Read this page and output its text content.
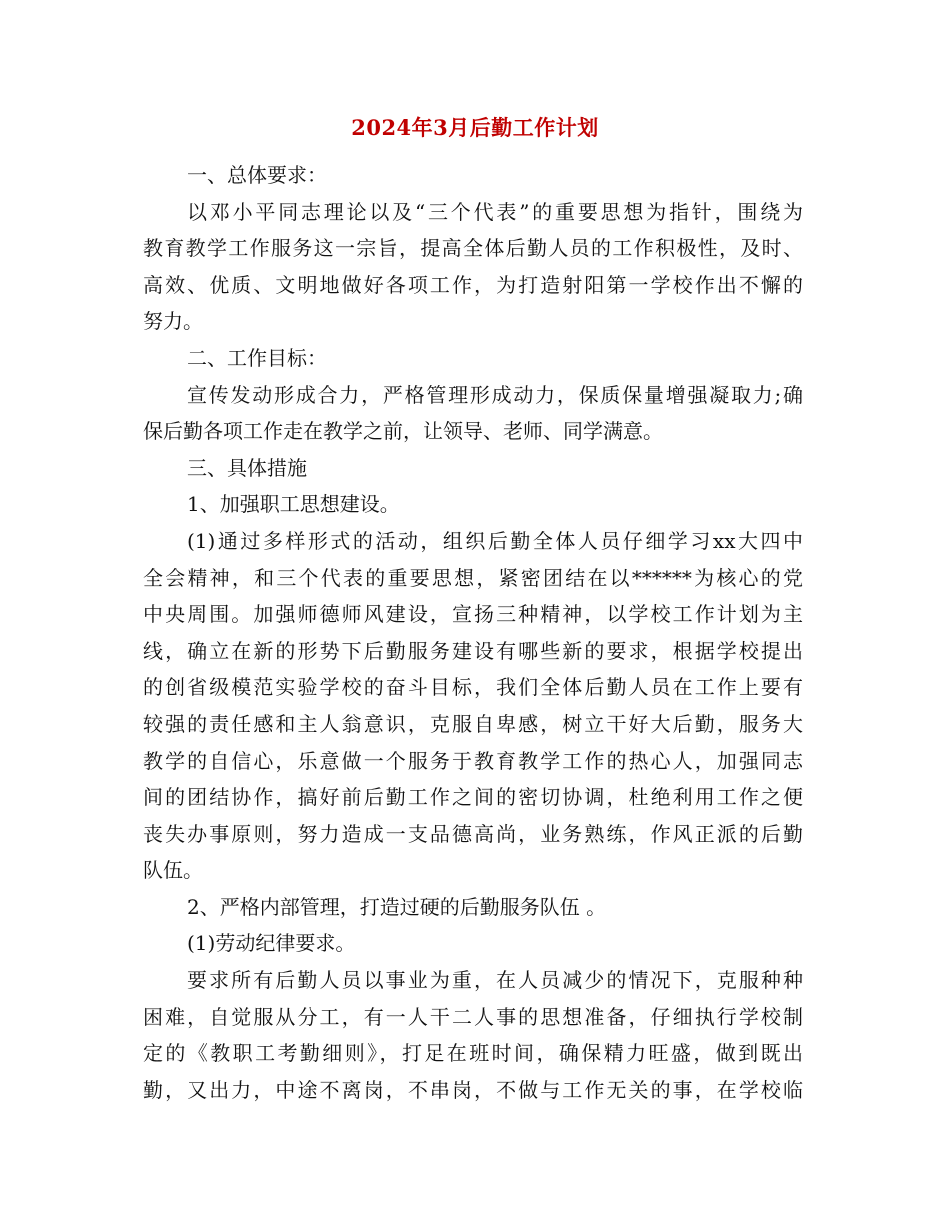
2024年3月后勤工作计划
一、总体要求：
以邓小平同志理论以及“三个代表”的重要思想为指针，围绕为
教育教学工作服务这一宗旨，提高全体后勤人员的工作积极性，及时、
高效、优质、文明地做好各项工作，为打造射阳第一学校作出不懈的
努力。
二、工作目标：
宣传发动形成合力，严格管理形成动力，保质保量增强凝取力;确
保后勤各项工作走在教学之前，让领导、老师、同学满意。
三、具体措施
1、加强职工思想建设。
(1)通过多样形式的活动，组织后勤全体人员仔细学习xx大四中
全会精神，和三个代表的重要思想，紧密团结在以******为核心的党
中央周围。加强师德师风建设，宣扬三种精神，以学校工作计划为主
线，确立在新的形势下后勤服务建设有哪些新的要求，根据学校提出
的创省级模范实验学校的奋斗目标，我们全体后勤人员在工作上要有
较强的责任感和主人翁意识，克服自卑感，树立干好大后勤，服务大
教学的自信心，乐意做一个服务于教育教学工作的热心人，加强同志
间的团结协作，搞好前后勤工作之间的密切协调，杜绝利用工作之便
丧失办事原则，努力造成一支品德高尚，业务熟练，作风正派的后勤
队伍。
2、严格内部管理，打造过硬的后勤服务队伍 。
(1)劳动纪律要求。
要求所有后勤人员以事业为重，在人员减少的情况下，克服种种
困难，自觉服从分工，有一人干二人事的思想准备，仔细执行学校制
定的《教职工考勤细则》，打足在班时间，确保精力旺盛，做到既出
勤，又出力，中途不离岗，不串岗，不做与工作无关的事，在学校临
